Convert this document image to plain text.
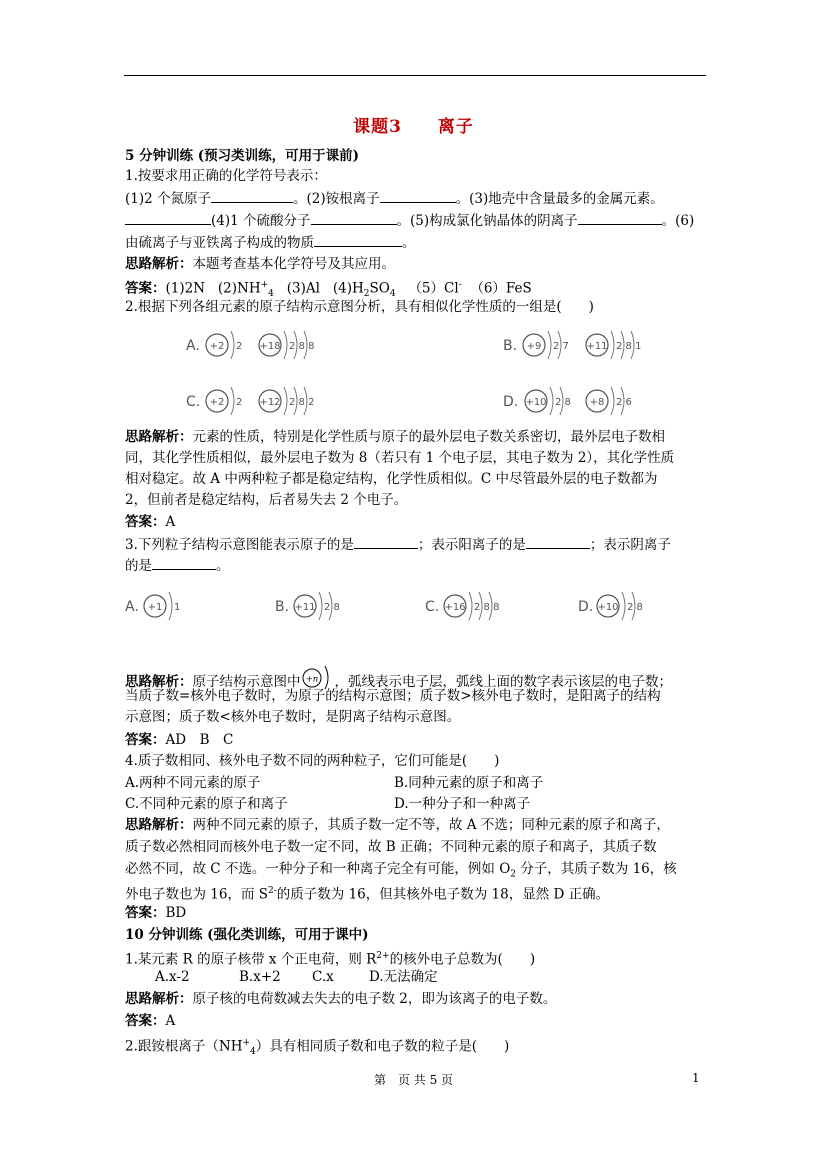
课题3　　离子
5 分钟训练 (预习类训练，可用于课前)
1.按要求用正确的化学符号表示：
(1)2 个氮原子	。(2)铵根离子	。(3)地壳中含量最多的金属元素。
(4)1 个硫酸分子	。(5)构成氯化钠晶体的阴离子	。(6)
由硫离子与亚铁离子构成的物质	。
思路解析：本题考查基本化学符号及其应用。
答案：(1)2N $(2)NH^+_4$ (3)Al $(4)H_2SO_4$ （5）Cl- （6）FeS
2.根据下列各组元素的原子结构示意图分析，具有相似化学性质的一组是(　　)
A. +2 2 +18 2 8 8	B. +9 2 7 +11 2 8 1
C. +2 2 +12 2 8 2	D. +10 2 8 +8 2 6
思路解析：元素的性质，特别是化学性质与原子的最外层电子数关系密切，最外层电子数相
同，其化学性质相似，最外层电子数为 8（若只有 1 个电子层，其电子数为 2），其化学性质
相对稳定。故 A 中两种粒子都是稳定结构，化学性质相似。C 中尽管最外层的电子数都为
2，但前者是稳定结构，后者易失去 2 个电子。
答案：A
3.下列粒子结构示意图能表示原子的是	；表示阳离子的是	；表示阴离子
的是	。
A. +1 1	B. +11 2 8	C. +16 2 8 8	D. +10 2 8
思路解析：原子结构示意图中 +n ，弧线表示电子层，弧线上面的数字表示该层的电子数；
当质子数=核外电子数时，为原子的结构示意图；质子数>核外电子数时，是阳离子的结构
示意图；质子数<核外电子数时，是阴离子结构示意图。
答案：AD　B　C
4.质子数相同、核外电子数不同的两种粒子，它们可能是(　　)
A.两种不同元素的原子	B.同种元素的原子和离子
C.不同种元素的原子和离子	D.一种分子和一种离子
思路解析：两种不同元素的原子，其质子数一定不等，故 A 不选；同种元素的原子和离子，
质子数必然相同而核外电子数一定不同，故 B 正确；不同种元素的原子和离子，其质子数
必然不同，故 C 不选。一种分子和一种离子完全有可能，例如 $O_2$ 分子，其质子数为 16，核
外电子数也为 16，而 $S^{2-}$的质子数为 16，但其核外电子数为 18，显然 D 正确。
答案：BD
10 分钟训练 (强化类训练，可用于课中)
1.某元素 R 的原子核带 x 个正电荷，则 $R^{2+}$的核外电子总数为(　　)
A.x-2	B.x+2 C.x	D.无法确定
思路解析：原子核的电荷数减去失去的电子数 2，即为该离子的电子数。
答案：A
2.跟铵根离子$(NH^+_4)$具有相同质子数和电子数的粒子是(　　)
第　页 共 5 页	1
